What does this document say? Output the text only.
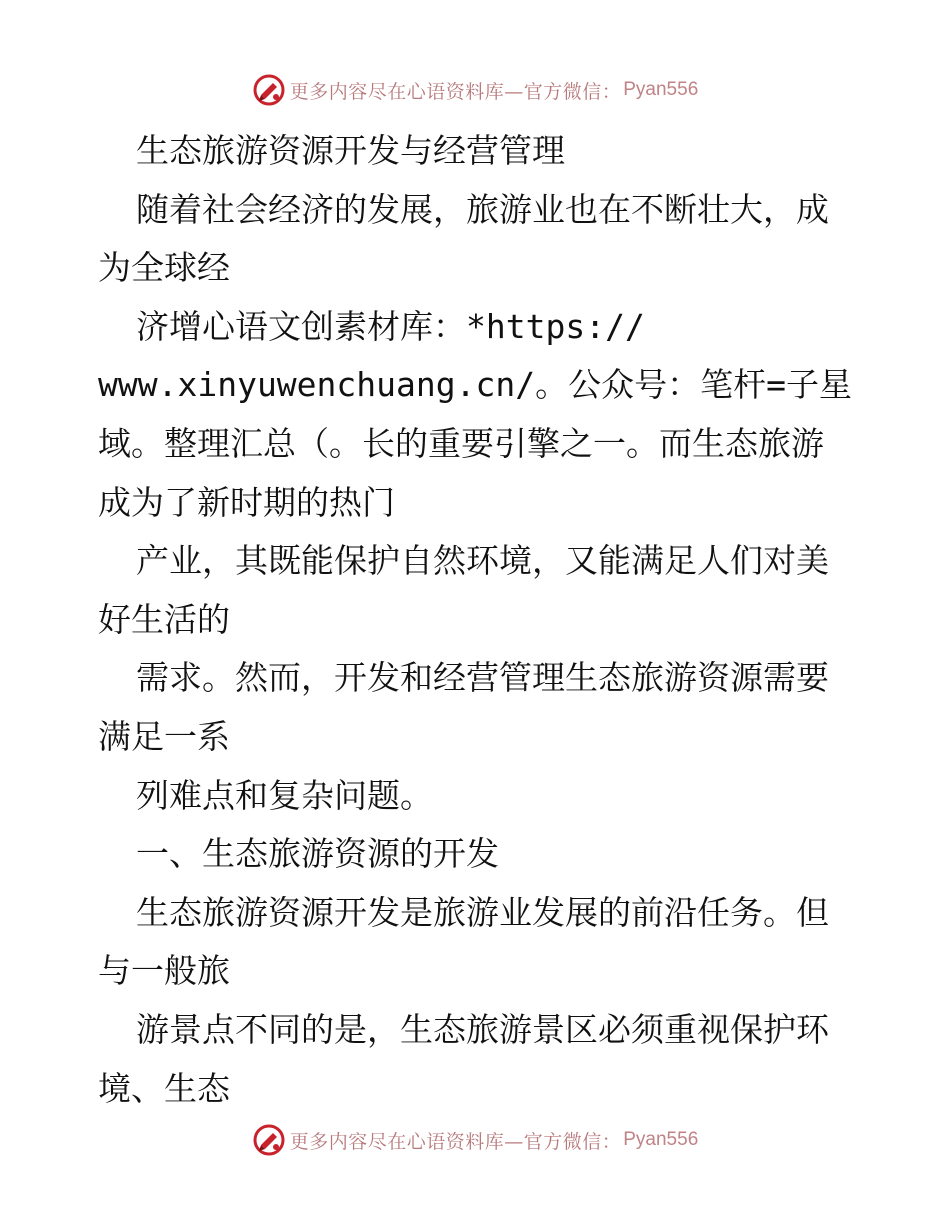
更多内容尽在心语资料库—官方微信： Pyan556
生态旅游资源开发与经营管理
随着社会经济的发展，旅游业也在不断壮大，成
为全球经
济增心语文创素材库：*https://
www.xinyuwenchuang.cn/。公众号：笔杆=子星
域。整理汇总（。长的重要引擎之一。而生态旅游
成为了新时期的热门
产业，其既能保护自然环境，又能满足人们对美
好生活的
需求。然而，开发和经营管理生态旅游资源需要
满足一系
列难点和复杂问题。
一、生态旅游资源的开发
生态旅游资源开发是旅游业发展的前沿任务。但
与一般旅
游景点不同的是，生态旅游景区必须重视保护环
境、生态
更多内容尽在心语资料库—官方微信： Pyan556
